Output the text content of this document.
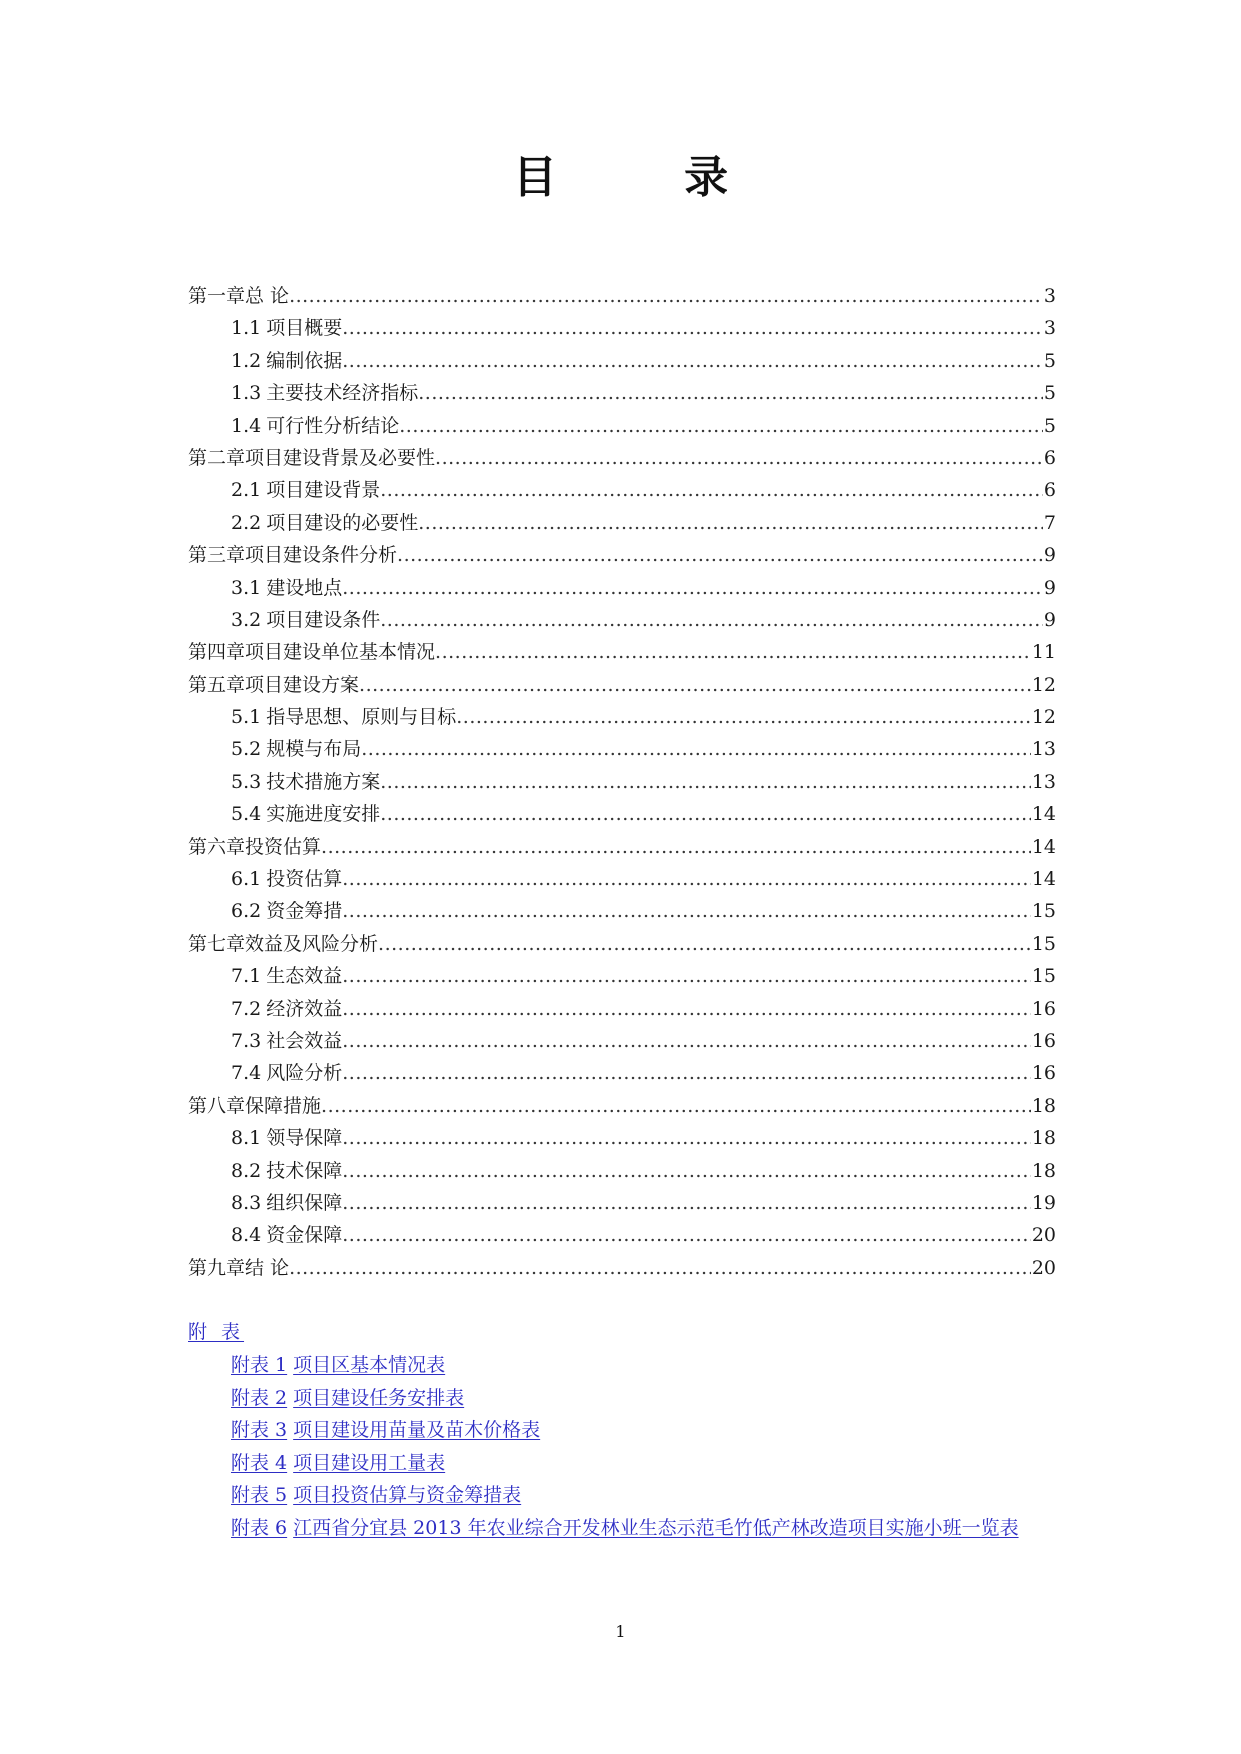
目 录
第一章 总 论 .....	3
1.1 项目概要 .....	3
1.2 编制依据 .....	5
1.3 主要技术经济指标 .....	5
1.4 可行性分析结论 .....	5
第二章 项目建设背景及必要性 .....	6
2.1 项目建设背景 .....	6
2.2 项目建设的必要性 .....	7
第三章 项目建设条件分析 .....	9
3.1 建设地点 .....	9
3.2 项目建设条件 .....	9
第四章 项目建设单位基本情况 .....	11
第五章 项目建设方案 .....	12
5.1 指导思想、原则与目标 .....	12
5.2 规模与布局 .....	13
5.3 技术措施方案 .....	13
5.4 实施进度安排 .....	14
第六章 投资估算 .....	14
6.1 投资估算 .....	14
6.2 资金筹措 .....	15
第七章 效益及风险分析 .....	15
7.1 生态效益 .....	15
7.2 经济效益 .....	16
7.3 社会效益 .....	16
7.4 风险分析 .....	16
第八章 保障措施 .....	18
8.1 领导保障 .....	18
8.2 技术保障 .....	18
8.3 组织保障 .....	19
8.4 资金保障 .....	20
第九章 结 论 .....	20
附 表
附表 1 项目区基本情况表
附表 2 项目建设任务安排表
附表 3 项目建设用苗量及苗木价格表
附表 4 项目建设用工量表
附表 5 项目投资估算与资金筹措表
附表 6 江西省分宜县 2013 年农业综合开发林业生态示范毛竹低产林改造项目实施小班一览表
1
